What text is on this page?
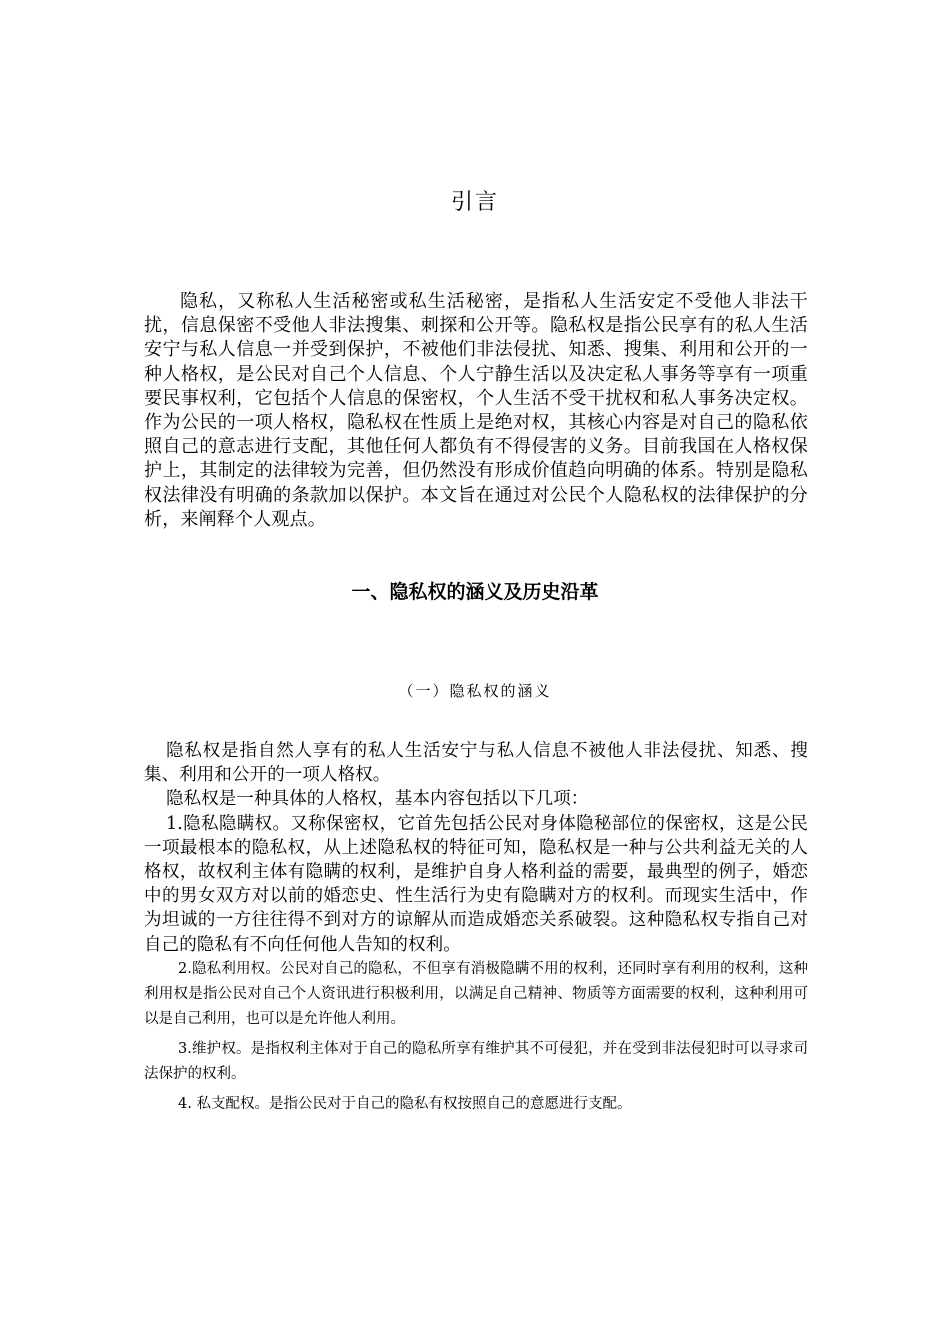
引言

隐私，又称私人生活秘密或私生活秘密，是指私人生活安定不受他人非法干扰，信息保密不受他人非法搜集、刺探和公开等。隐私权是指公民享有的私人生活安宁与私人信息一并受到保护，不被他们非法侵扰、知悉、搜集、利用和公开的一种人格权，是公民对自己个人信息、个人宁静生活以及决定私人事务等享有一项重要民事权利，它包括个人信息的保密权，个人生活不受干扰权和私人事务决定权。作为公民的一项人格权，隐私权在性质上是绝对权，其核心内容是对自己的隐私依照自己的意志进行支配，其他任何人都负有不得侵害的义务。目前我国在人格权保护上，其制定的法律较为完善，但仍然没有形成价值趋向明确的体系。特别是隐私权法律没有明确的条款加以保护。本文旨在通过对公民个人隐私权的法律保护的分析，来阐释个人观点。

一、隐私权的涵义及历史沿革
（一）隐私权的涵义

隐私权是指自然人享有的私人生活安宁与私人信息不被他人非法侵扰、知悉、搜集、利用和公开的一项人格权。

隐私权是一种具体的人格权，基本内容包括以下几项：

1.隐私隐瞒权。又称保密权，它首先包括公民对身体隐秘部位的保密权，这是公民一项最根本的隐私权，从上述隐私权的特征可知，隐私权是一种与公共利益无关的人格权，故权利主体有隐瞒的权利，是维护自身人格利益的需要，最典型的例子，婚恋中的男女双方对以前的婚恋史、性生活行为史有隐瞒对方的权利。而现实生活中，作为坦诚的一方往往得不到对方的谅解从而造成婚恋关系破裂。这种隐私权专指自己对自己的隐私有不向任何他人告知的权利。

2.隐私利用权。公民对自己的隐私，不但享有消极隐瞒不用的权利，还同时享有利用的权利，这种利用权是指公民对自己个人资讯进行积极利用，以满足自己精神、物质等方面需要的权利，这种利用可以是自己利用，也可以是允许他人利用。

3.维护权。是指权利主体对于自己的隐私所享有维护其不可侵犯，并在受到非法侵犯时可以寻求司法保护的权利。

4. 私支配权。是指公民对于自己的隐私有权按照自己的意愿进行支配。
